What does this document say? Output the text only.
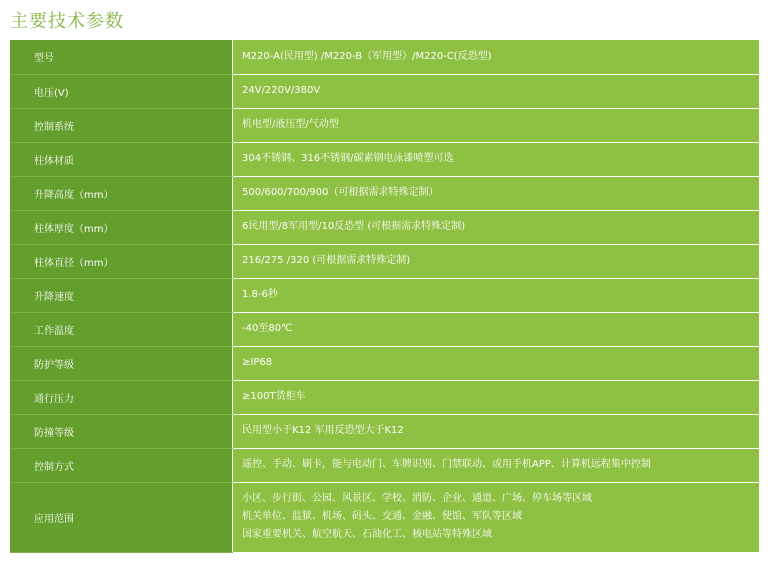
主要技术参数
型号	M220-A(民用型) /M220-B（军用型）/M220-C(反恐型)
电压(V)	24V/220V/380V
控制系统	机电型/液压型/气动型
柱体材质	304不锈钢、316不锈钢/碳素钢电泳漆喷塑可选
升降高度（mm）	500/600/700/900（可根据需求特殊定制）
柱体厚度（mm）	6民用型/8军用型/10反恐型 (可根据需求特殊定制)
柱体直径（mm）	216/275 /320 (可根据需求特殊定制)
升降速度	1.8-6秒
工作温度	-40至80℃
防护等级	≥IP68
通行压力	≥100T货柜车
防撞等级	民用型小于K12 军用反恐型大于K12
控制方式	遥控、手动、刷卡，能与电动门、车牌识别、门禁联动、或用手机APP、计算机远程集中控制
应用范围	小区、步行街、公园、风景区、学校、消防、企业、通道、广场、停车场等区域
机关单位、监狱、机场、码头、交通、金融、使馆、军队等区域
国家重要机关、航空航天、石油化工、核电站等特殊区域
